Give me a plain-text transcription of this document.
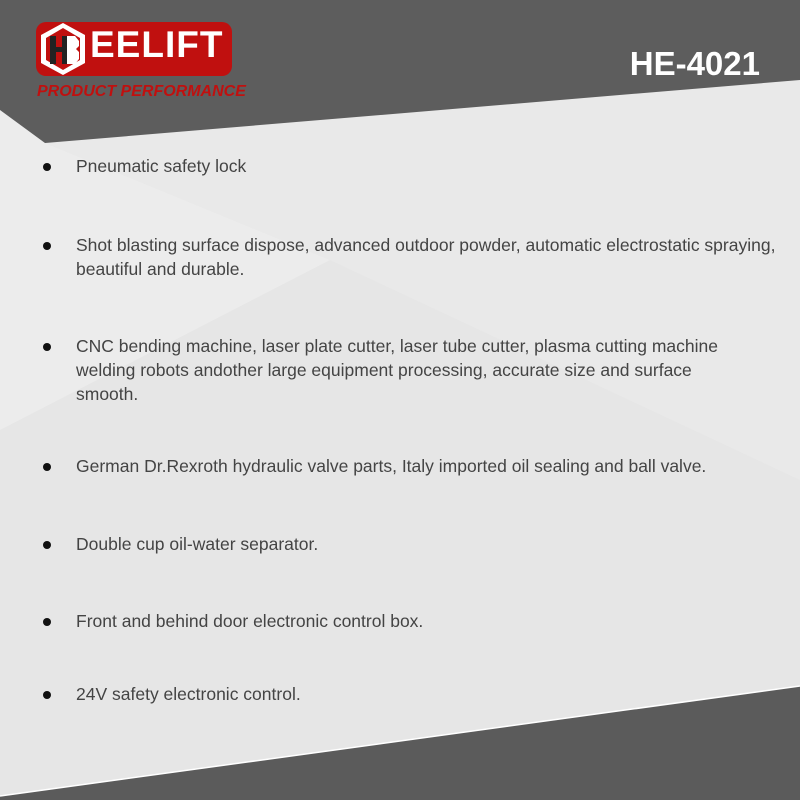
EELIFT
PRODUCT PERFORMANCE
HE-4021
Pneumatic safety lock
Shot blasting surface dispose, advanced outdoor powder, automatic electrostatic spraying, beautiful and durable.
CNC bending machine, laser plate cutter, laser tube cutter, plasma cutting machine welding robots andother large equipment processing, accurate size and surface smooth.
German Dr.Rexroth hydraulic valve parts, Italy imported oil sealing and ball valve.
Double cup oil-water separator.
Front and behind door electronic control box.
24V safety electronic control.
